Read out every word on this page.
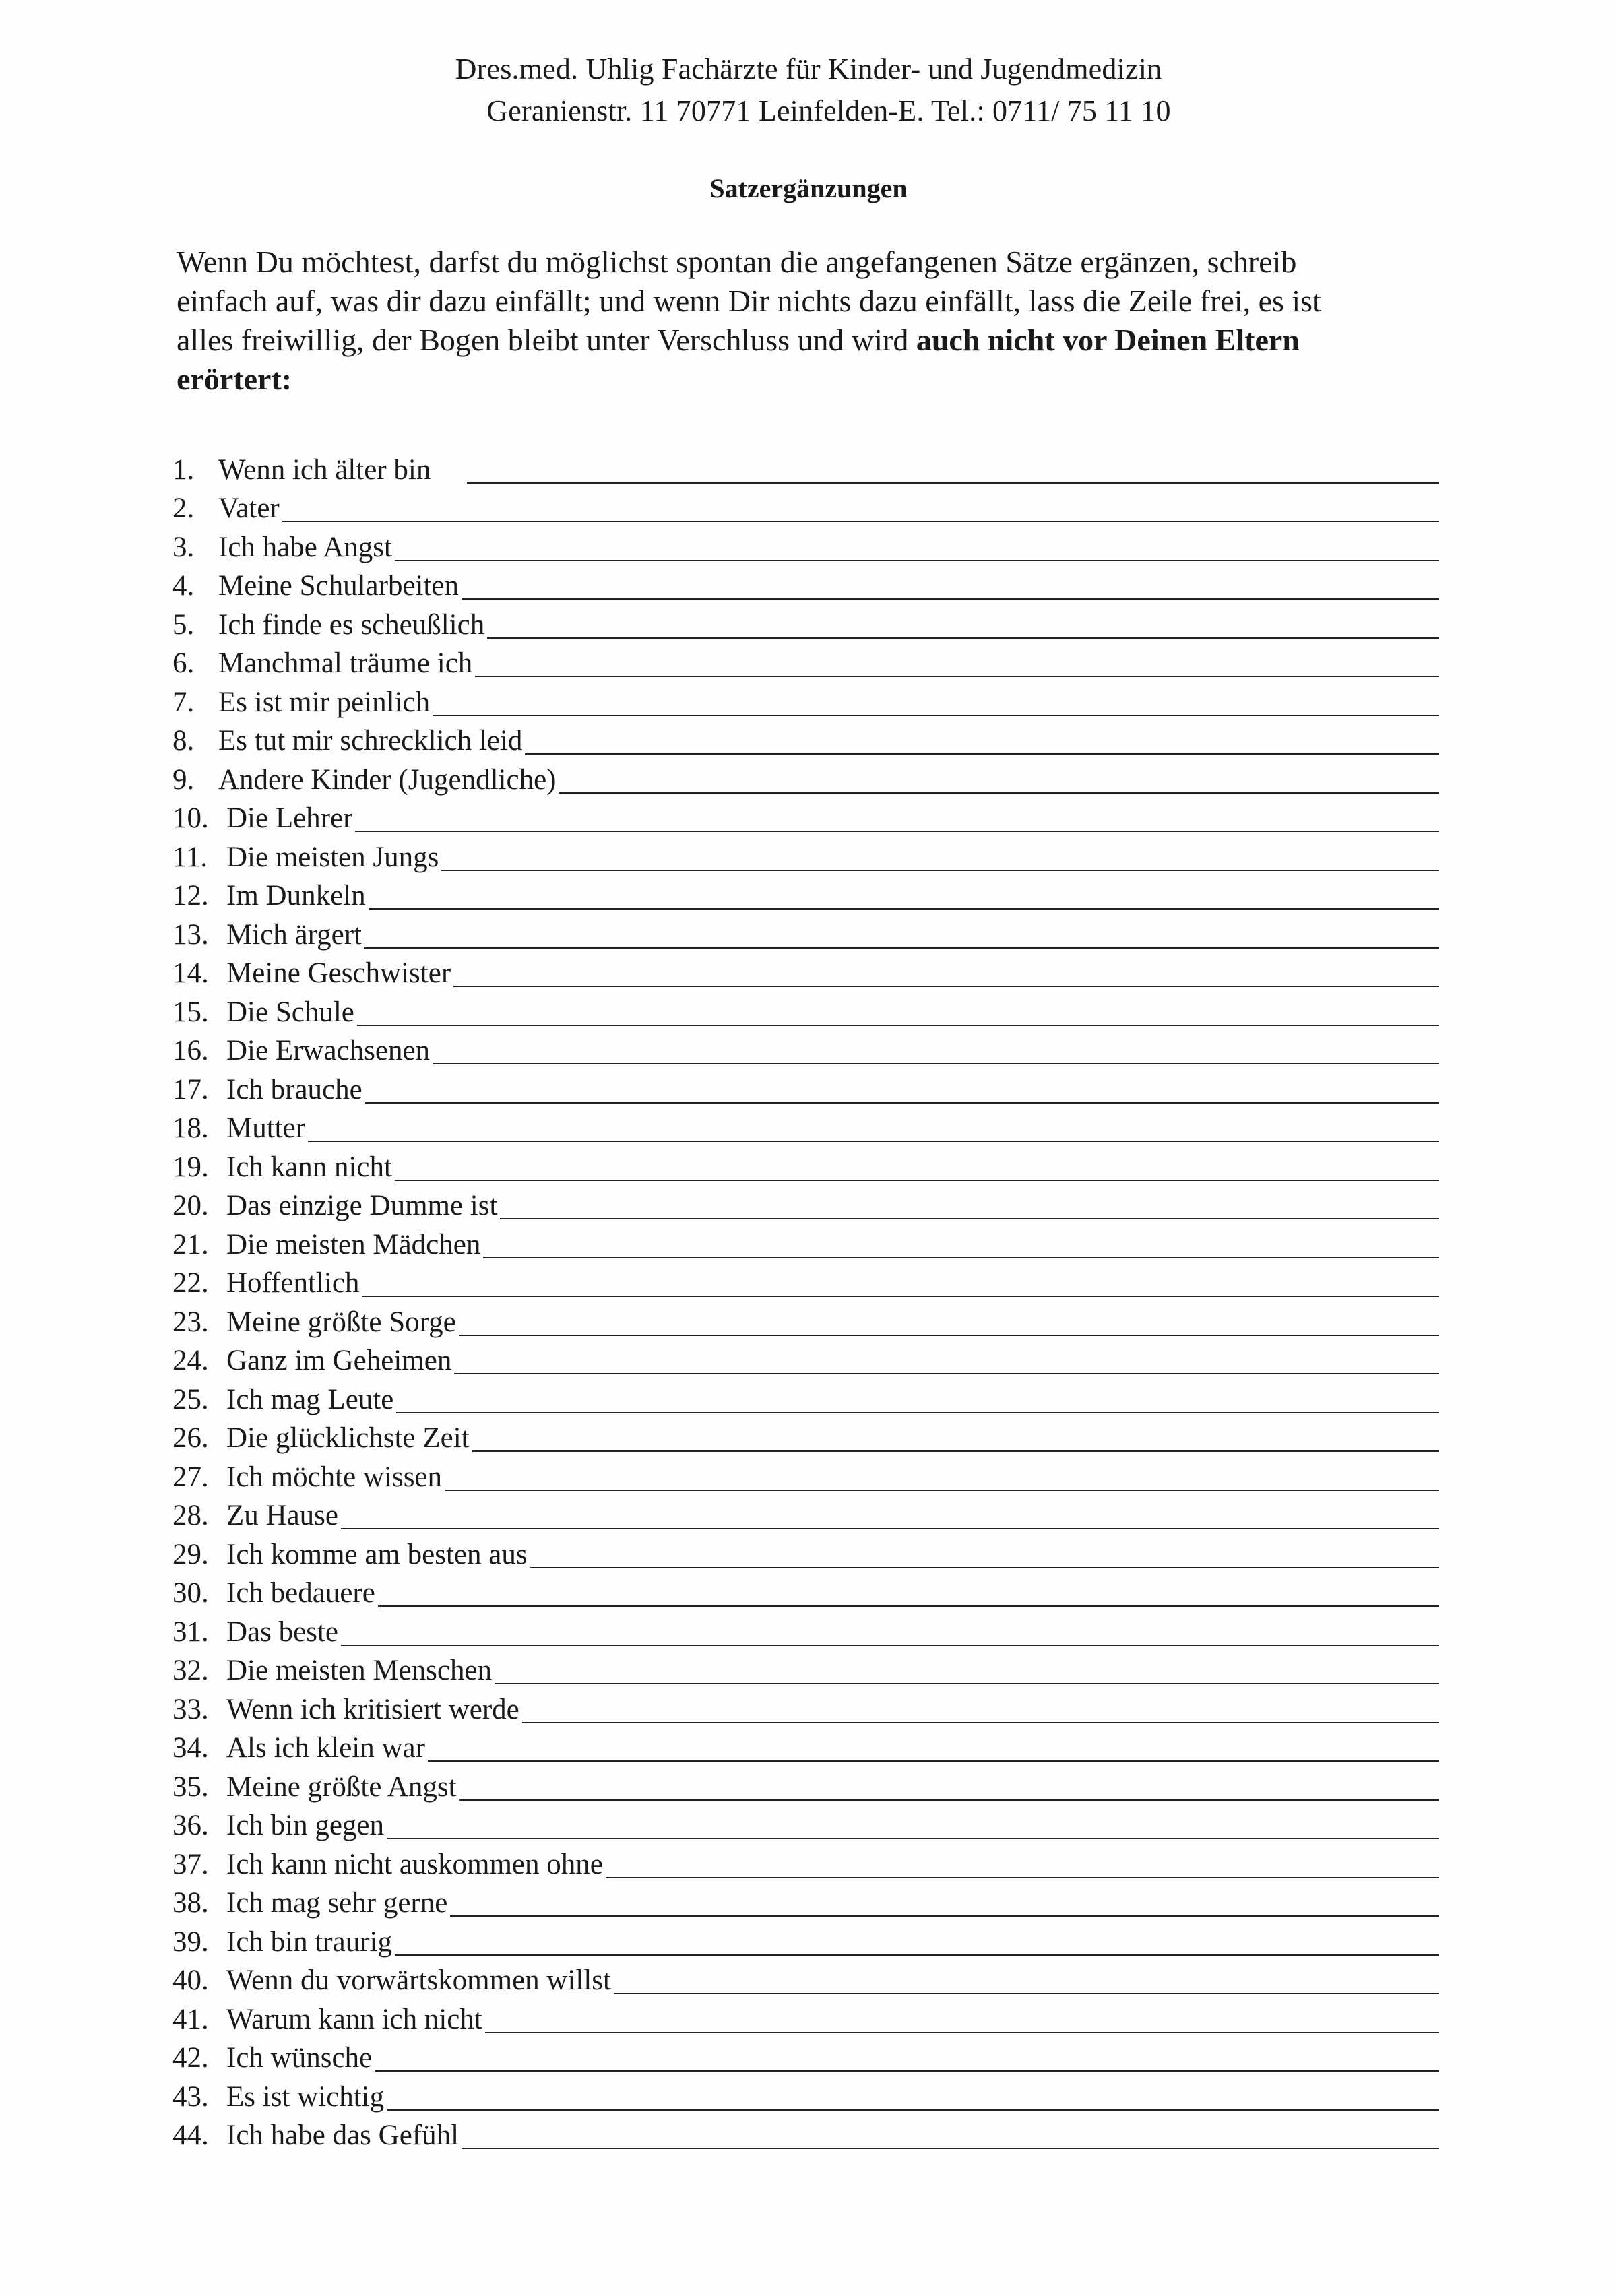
Dres.med. Uhlig Fachärzte für Kinder- und Jugendmedizin
Geranienstr. 11 70771 Leinfelden-E. Tel.: 0711/ 75 11 10
Satzergänzungen
Wenn Du möchtest, darfst du möglichst spontan die angefangenen Sätze ergänzen, schreib
einfach auf, was dir dazu einfällt; und wenn Dir nichts dazu einfällt, lass die Zeile frei, es ist
alles freiwillig, der Bogen bleibt unter Verschluss und wird auch nicht vor Deinen Eltern
erörtert:
1. Wenn ich älter bin
2. Vater
3. Ich habe Angst
4. Meine Schularbeiten
5. Ich finde es scheußlich
6. Manchmal träume ich
7. Es ist mir peinlich
8. Es tut mir schrecklich leid
9. Andere Kinder (Jugendliche)
10. Die Lehrer
11. Die meisten Jungs
12. Im Dunkeln
13. Mich ärgert
14. Meine Geschwister
15. Die Schule
16. Die Erwachsenen
17. Ich brauche
18. Mutter
19. Ich kann nicht
20. Das einzige Dumme ist
21. Die meisten Mädchen
22. Hoffentlich
23. Meine größte Sorge
24. Ganz im Geheimen
25. Ich mag Leute
26. Die glücklichste Zeit
27. Ich möchte wissen
28. Zu Hause
29. Ich komme am besten aus
30. Ich bedauere
31. Das beste
32. Die meisten Menschen
33. Wenn ich kritisiert werde
34. Als ich klein war
35. Meine größte Angst
36. Ich bin gegen
37. Ich kann nicht auskommen ohne
38. Ich mag sehr gerne
39. Ich bin traurig
40. Wenn du vorwärtskommen willst
41. Warum kann ich nicht
42. Ich wünsche
43. Es ist wichtig
44. Ich habe das Gefühl
